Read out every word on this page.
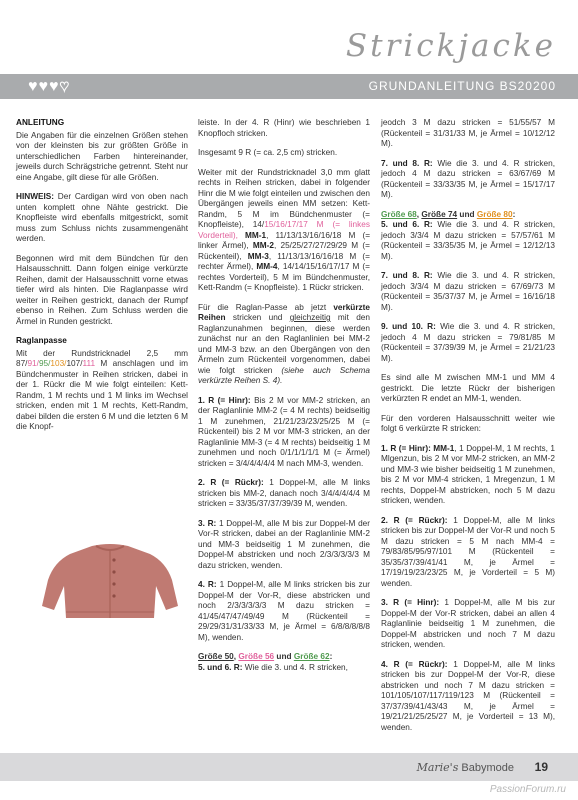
Strickjacke
♥♥♥♥	GRUNDANLEITUNG BS20200
ANLEITUNG

Die Angaben für die einzelnen Größen stehen von der kleinsten bis zur größten Größe in unterschiedlichen Farben hintereinander, jeweils durch Schrägstriche getrennt. Steht nur eine Angabe, gilt diese für alle Größen.

HINWEIS: Der Cardigan wird von oben nach unten komplett ohne Nähte gestrickt. Die Knopfleiste wird ebenfalls mitgestrickt, somit muss zum Schluss nichts zusammengenäht werden.

Begonnen wird mit dem Bündchen für den Halsausschnitt. Dann folgen einige verkürzte Reihen, damit der Halsausschnitt vorne etwas tiefer wird als hinten. Die Raglanpasse wird weiter in Reihen gestrickt, danach der Rumpf ebenso in Reihen. Zum Schluss werden die Ärmel in Runden gestrickt.

Raglanpasse

Mit der Rundstricknadel 2,5 mm 87/91/95/103/107/111 M anschlagen und im Bündchenmuster in Reihen stricken, dabei in der 1. Rückr die M wie folgt einteilen: Kett-Randm, 1 M rechts und 1 M links im Wechsel stricken, enden mit 1 M rechts, Kett-Randm, dabei bilden die ersten 6 M und die letzten 6 M die Knopf-

leiste. In der 4. R (Hinr) wie beschrieben 1 Knopfloch stricken.

Insgesamt 9 R (= ca. 2,5 cm) stricken.

Weiter mit der Rundstricknadel 3,0 mm glatt rechts in Reihen stricken, dabei in folgender Hinr die M wie folgt einteilen und zwischen den Übergängen jeweils einen MM setzen: Kett-Randm, 5 M im Bündchenmuster (= Knopfleiste), 14/15/16/17/17 M (= linkes Vorderteil), MM-1, 11/13/13/16/16/18 M (= linker Ärmel), MM-2, 25/25/27/27/29/29 M (= Rückenteil), MM-3, 11/13/13/16/16/18 M (= rechter Ärmel), MM-4, 14/14/15/16/17/17 M (= rechtes Vorderteil), 5 M im Bündchenmuster, Kett-Randm (= Knopfleiste). 1 Rückr stricken.

Für die Raglan-Passe ab jetzt verkürzte Reihen stricken und gleichzeitig mit den Raglanzunahmen beginnen, diese werden zunächst nur an den Raglanlinien bei MM-2 und MM-3 bzw. an den Übergängen von den Ärmeln zum Rückenteil vorgenommen, dabei wie folgt stricken (siehe auch Schema verkürzte Reihen S. 4).

1. R (= Hinr): Bis 2 M vor MM-2 stricken, an der Raglanlinie MM-2 (= 4 M rechts) beidseitig 1 M zunehmen, 21/21/23/23/25/25 M (= Rückenteil) bis 2 M vor MM-3 stricken, an der Raglanlinie MM-3 (= 4 M rechts) beidseitig 1 M zunehmen und noch 0/1/1/1/1/1 M (= Ärmel) stricken = 3/4/4/4/4/4 M nach MM-3, wenden.

2. R (= Rückr): 1 Doppel-M, alle M links stricken bis MM-2, danach noch 3/4/4/4/4/4 M stricken = 33/35/37/37/39/39 M, wenden.

3. R: 1 Doppel-M, alle M bis zur Doppel-M der Vor-R stricken, dabei an der Raglanlinie MM-2 und MM-3 beidseitig 1 M zunehmen, die Doppel-M abstricken und noch 2/3/3/3/3/3 M dazu stricken, wenden.

4. R: 1 Doppel-M, alle M links stricken bis zur Doppel-M der Vor-R, diese abstricken und noch 2/3/3/3/3/3 M dazu stricken = 41/45/47/47/49/49 M (Rückenteil = 29/29/31/31/33/33 M, je Ärmel = 6/8/8/8/8/8 M), wenden.

Größe 50, Größe 56 und Größe 62:

5. und 6. R: Wie die 3. und 4. R stricken,

jeodch 3 M dazu stricken = 51/55/57 M (Rückenteil = 31/31/33 M, je Ärmel = 10/12/12 M).

7. und 8. R: Wie die 3. und 4. R stricken, jedoch 4 M dazu stricken = 63/67/69 M (Rückenteil = 33/33/35 M, je Ärmel = 15/17/17 M).

Größe 68, Größe 74 und Größe 80:

5. und 6. R: Wie die 3. und 4. R stricken, jedoch 3/3/4 M dazu stricken = 57/57/61 M (Rückenteil = 33/35/35 M, je Ärmel = 12/12/13 M).

7. und 8. R: Wie die 3. und 4. R stricken, jedoch 3/3/4 M dazu stricken = 67/69/73 M (Rückenteil = 35/37/37 M, je Ärmel = 16/16/18 M).

9. und 10. R: Wie die 3. und 4. R stricken, jedoch 4 M dazu stricken = 79/81/85 M (Rückenteil = 37/39/39 M, je Ärmel = 21/21/23 M).

Es sind alle M zwischen MM-1 und MM 4 gestrickt. Die letzte Rückr der bisherigen verkürzten R endet an MM-1, wenden.

Für den vorderen Halsausschnitt weiter wie folgt 6 verkürzte R stricken:

1. R (= Hinr): MM-1, 1 Doppel-M, 1 M rechts, 1 Mlgenzun, bis 2 M vor MM-2 stricken, an MM-2 und MM-3 wie bisher beidseitig 1 M zunehmen, bis 2 M vor MM-4 stricken, 1 Mregenzun, 1 M rechts, Doppel-M abstricken, noch 5 M dazu stricken, wenden.

2. R (= Rückr): 1 Doppel-M, alle M links stricken bis zur Doppel-M der Vor-R und noch 5 M dazu stricken = 5 M nach MM-4 = 79/83/85/95/97/101 M (Rückenteil = 35/35/37/39/41/41 M, je Ärmel = 17/19/19/23/23/25 M, je Vorderteil = 5 M) wenden.

3. R (= Hinr): 1 Doppel-M, alle M bis zur Doppel-M der Vor-R stricken, dabei an allen 4 Raglanlinie beidseitig 1 M zunehmen, die Doppel-M abstricken und noch 7 M dazu stricken, wenden.

4. R (= Rückr): 1 Doppel-M, alle M links stricken bis zur Doppel-M der Vor-R, diese abstricken und noch 7 M dazu stricken = 101/105/107/117/119/123 M (Rückenteil = 37/37/39/41/43/43 M, je Ärmel = 19/21/21/25/25/27 M, je Vorderteil = 13 M), wenden.

Marie's Babymode 19
PassionForum.ru
